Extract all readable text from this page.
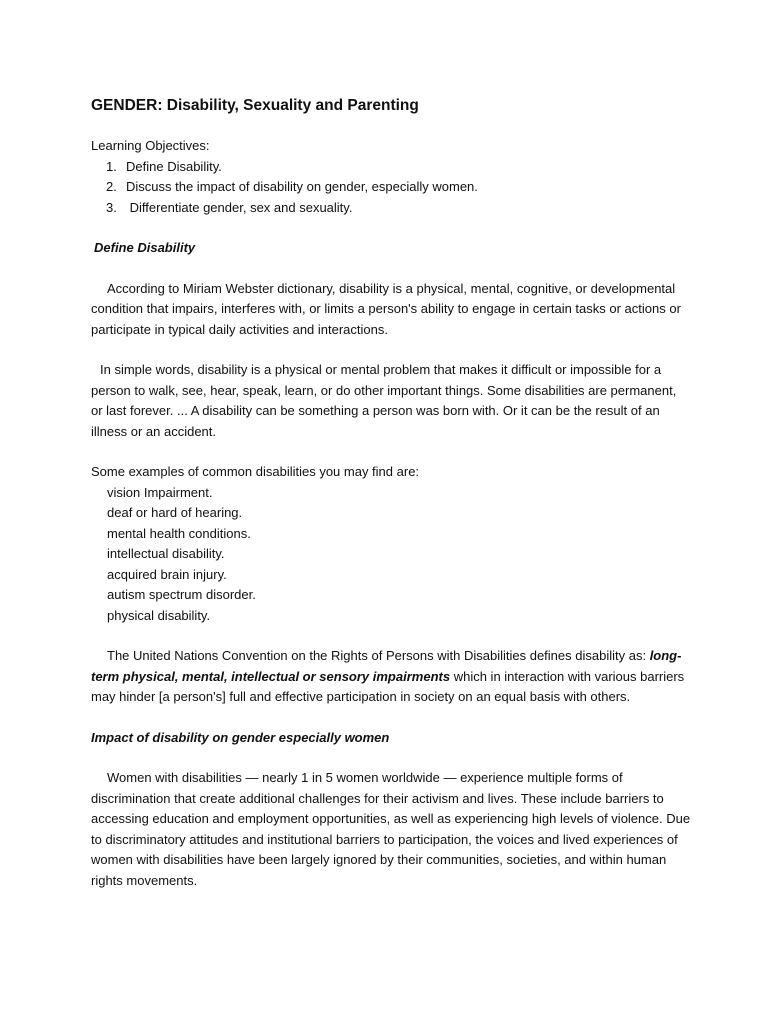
GENDER: Disability, Sexuality and Parenting
Learning Objectives:
1. Define Disability.
2. Discuss the impact of disability on gender, especially women.
3. Differentiate gender, sex and sexuality.
Define Disability

According to Miriam Webster dictionary, disability is a physical, mental, cognitive, or developmental condition that impairs, interferes with, or limits a person's ability to engage in certain tasks or actions or participate in typical daily activities and interactions.

In simple words, disability is a physical or mental problem that makes it difficult or impossible for a person to walk, see, hear, speak, learn, or do other important things. Some disabilities are permanent, or last forever. ... A disability can be something a person was born with. Or it can be the result of an illness or an accident.

Some examples of common disabilities you may find are:
vision Impairment.
deaf or hard of hearing.
mental health conditions.
intellectual disability.
acquired brain injury.
autism spectrum disorder.
physical disability.

The United Nations Convention on the Rights of Persons with Disabilities defines disability as: long-term physical, mental, intellectual or sensory impairments which in interaction with various barriers may hinder [a person's] full and effective participation in society on an equal basis with others.

Impact of disability on gender especially women

Women with disabilities — nearly 1 in 5 women worldwide — experience multiple forms of discrimination that create additional challenges for their activism and lives. These include barriers to accessing education and employment opportunities, as well as experiencing high levels of violence. Due to discriminatory attitudes and institutional barriers to participation, the voices and lived experiences of women with disabilities have been largely ignored by their communities, societies, and within human rights movements.
